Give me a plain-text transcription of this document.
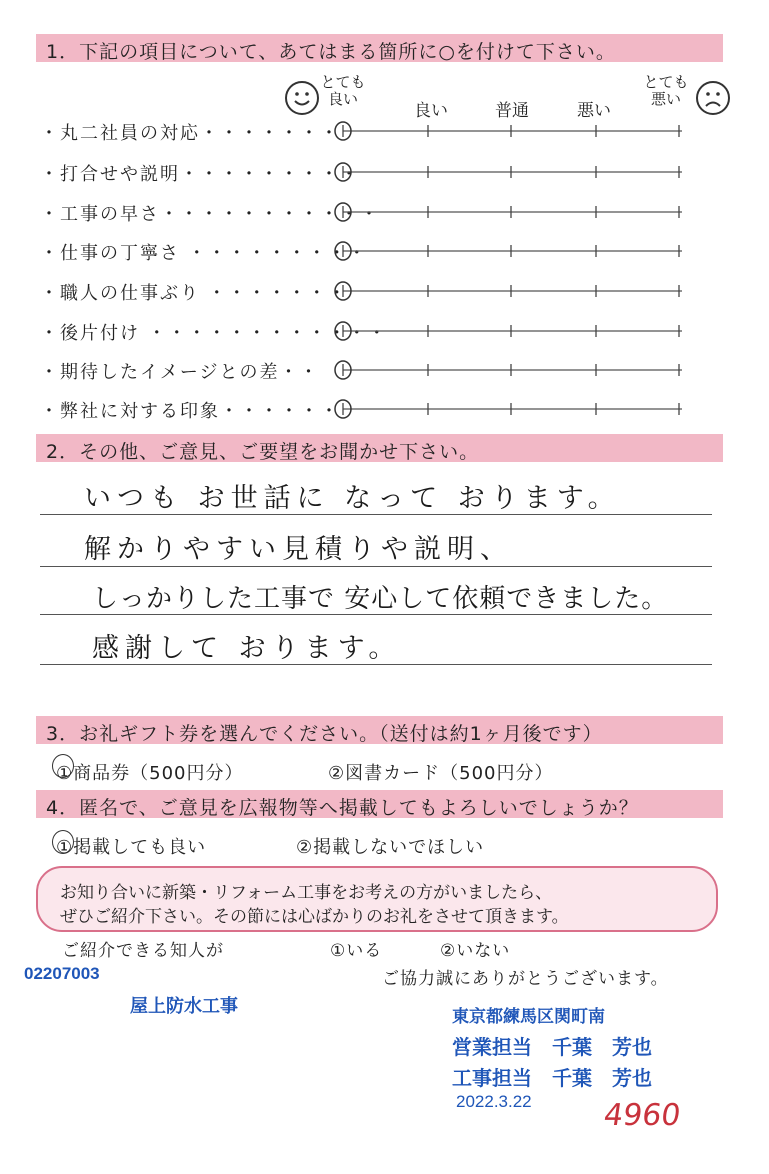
1．下記の項目について、あてはまる箇所に○を付けて下さい。
とても
良い
良い	普通	悪い
とても
悪い
・丸二社員の対応・・・・・・・
・打合せや説明・・・・・・・・・
・工事の早さ・・・・・・・・・・・
・仕事の丁寧さ ・・・・・・・・・
・職人の仕事ぶり ・・・・・・・
・後片付け ・・・・・・・・・・・・
・期待したイメージとの差・・
・弊社に対する印象・・・・・・
2．その他、ご意見、ご要望をお聞かせ下さい。
いつも お世話に なって おります。
解かりやすい見積りや説明、
しっかりした工事で 安心して依頼できました。
感謝して おります。
3．お礼ギフト券を選んでください。（送付は約1ヶ月後です）
①商品券（500円分）	②図書カード（500円分）
4．匿名で、ご意見を広報物等へ掲載してもよろしいでしょうか？
①掲載しても良い	②掲載しないでほしい
お知り合いに新築・リフォーム工事をお考えの方がいましたら、
ぜひご紹介下さい。その節には心ばかりのお礼をさせて頂きます。
ご紹介できる知人が	①いる	②いない
ご協力誠にありがとうございます。
02207003
屋上防水工事
東京都練馬区関町南
営業担当　千葉　芳也
工事担当　千葉　芳也
2022.3.22 4960
